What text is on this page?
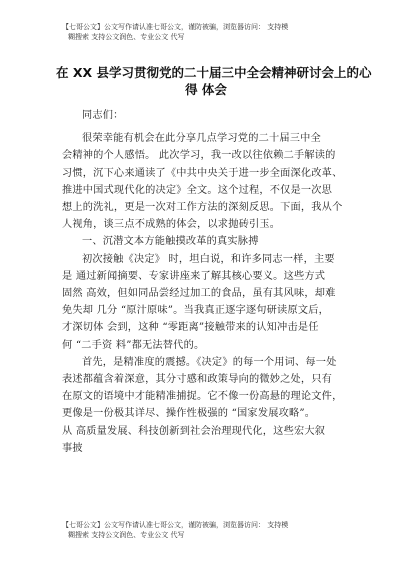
【七哥公文】公文写作请认准七哥公文，谨防被骗，浏览器访问： 支持模
糊搜索 支持公文润色、专业公文 代写
在 XX 县学习贯彻党的二十届三中全会精神研讨会上的心
得 体会
同志们：
很荣幸能有机会在此分享几点学习党的二十届三中全
会精神的个人感悟。 此次学习，我一改以往依赖二手解读的
习惯，沉下心来通读了《中共中央关于进一步全面深化改革、
推进中国式现代化的决定》全文。这个过程，不仅是一次思
想上的洗礼，更是一次对工作方法的深刻反思。下面，我从个
人视角，谈三点不成熟的体会，以求抛砖引玉。
一、沉潜文本方能触摸改革的真实脉搏
初次接触《决定》 时，坦白说，和许多同志一样，主要
是 通过新闻摘要、专家讲座来了解其核心要义。这些方式
固然 高效，但如同品尝经过加工的食品，虽有其风味，却难
免失却 几分 “原汁原味”。当我真正逐字逐句研读原文后，
才深切体 会到，这种 “零距离”接触带来的认知冲击是任
何 “二手资 料”都无法替代的。
首先，是精准度的震撼。《决定》的每一个用词、每一处
表述都蕴含着深意，其分寸感和政策导向的微妙之处，只有
在原文的语境中才能精准捕捉。它不像一份高悬的理论文件，
更像是一份极其详尽、操作性极强的 “国家发展攻略”。
从 高质量发展、科技创新到社会治理现代化，这些宏大叙
事披
【七哥公文】公文写作请认准七哥公文，谨防被骗，浏览器访问： 支持模
糊搜索 支持公文润色、专业公文 代写
